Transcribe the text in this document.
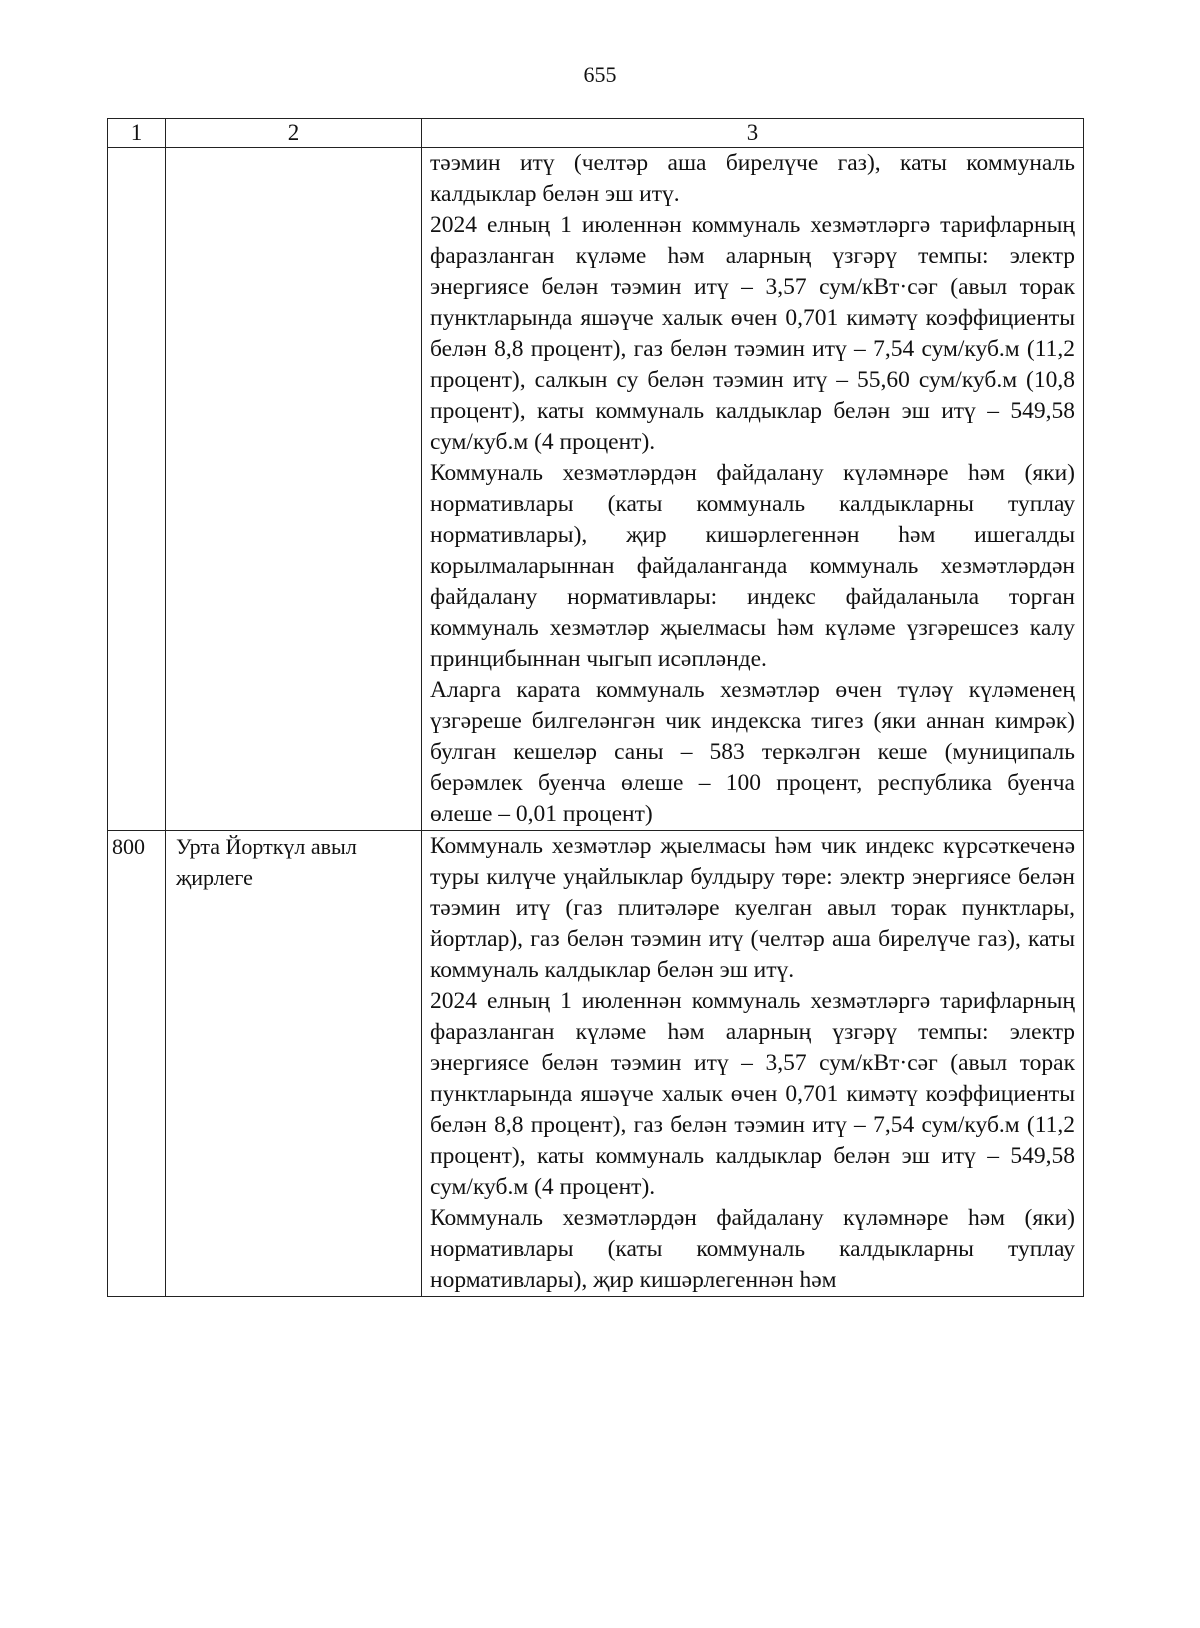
655
1	2	3

		тәэмин итү (челтәр аша бирелүче газ), каты коммуналь калдыклар белән эш итү.

2024 елның 1 июленнән коммуналь хезмәтләргә тарифларның фаразланган күләме һәм аларның үзгәрү темпы: электр энергиясе белән тәэмин итү – 3,57 сум/кВт·сәг (авыл торак пунктларында яшәүче халык өчен 0,701 кимәтү коэффициенты белән 8,8 процент), газ белән тәэмин итү – 7,54 сум/куб.м (11,2 процент), салкын су белән тәэмин итү – 55,60 сум/куб.м (10,8 процент), каты коммуналь калдыклар белән эш итү – 549,58 сум/куб.м (4 процент).

Коммуналь хезмәтләрдән файдалану күләмнәре һәм (яки) нормативлары (каты коммуналь калдыкларны туплау нормативлары), җир кишәрлегеннән һәм ишегалды корылмаларыннан файдаланганда коммуналь хезмәтләрдән файдалану нормативлары: индекс файдаланыла торган коммуналь хезмәтләр җыелмасы һәм күләме үзгәрешсез калу принцибыннан чыгып исәпләнде.

Аларга карата коммуналь хезмәтләр өчен түләү күләменең үзгәреше билгеләнгән чик индекска тигез (яки аннан кимрәк) булган кешеләр саны – 583 теркәлгән кеше (муниципаль берәмлек буенча өлеше – 100 процент, республика буенча өлеше – 0,01 процент)

800	Урта Йорткүл авыл җирлеге	Коммуналь хезмәтләр җыелмасы һәм чик индекс күрсәткеченә туры килүче уңайлыклар булдыру төре: электр энергиясе белән тәэмин итү (газ плитәләре куелган авыл торак пунктлары, йортлар), газ белән тәэмин итү (челтәр аша бирелүче газ), каты коммуналь калдыклар белән эш итү.

2024 елның 1 июленнән коммуналь хезмәтләргә тарифларның фаразланган күләме һәм аларның үзгәрү темпы: электр энергиясе белән тәэмин итү – 3,57 сум/кВт·сәг (авыл торак пунктларында яшәүче халык өчен 0,701 кимәтү коэффициенты белән 8,8 процент), газ белән тәэмин итү – 7,54 сум/куб.м (11,2 процент), каты коммуналь калдыклар белән эш итү – 549,58 сум/куб.м (4 процент).

Коммуналь хезмәтләрдән файдалану күләмнәре һәм (яки) нормативлары (каты коммуналь калдыкларны туплау нормативлары), җир кишәрлегеннән һәм
